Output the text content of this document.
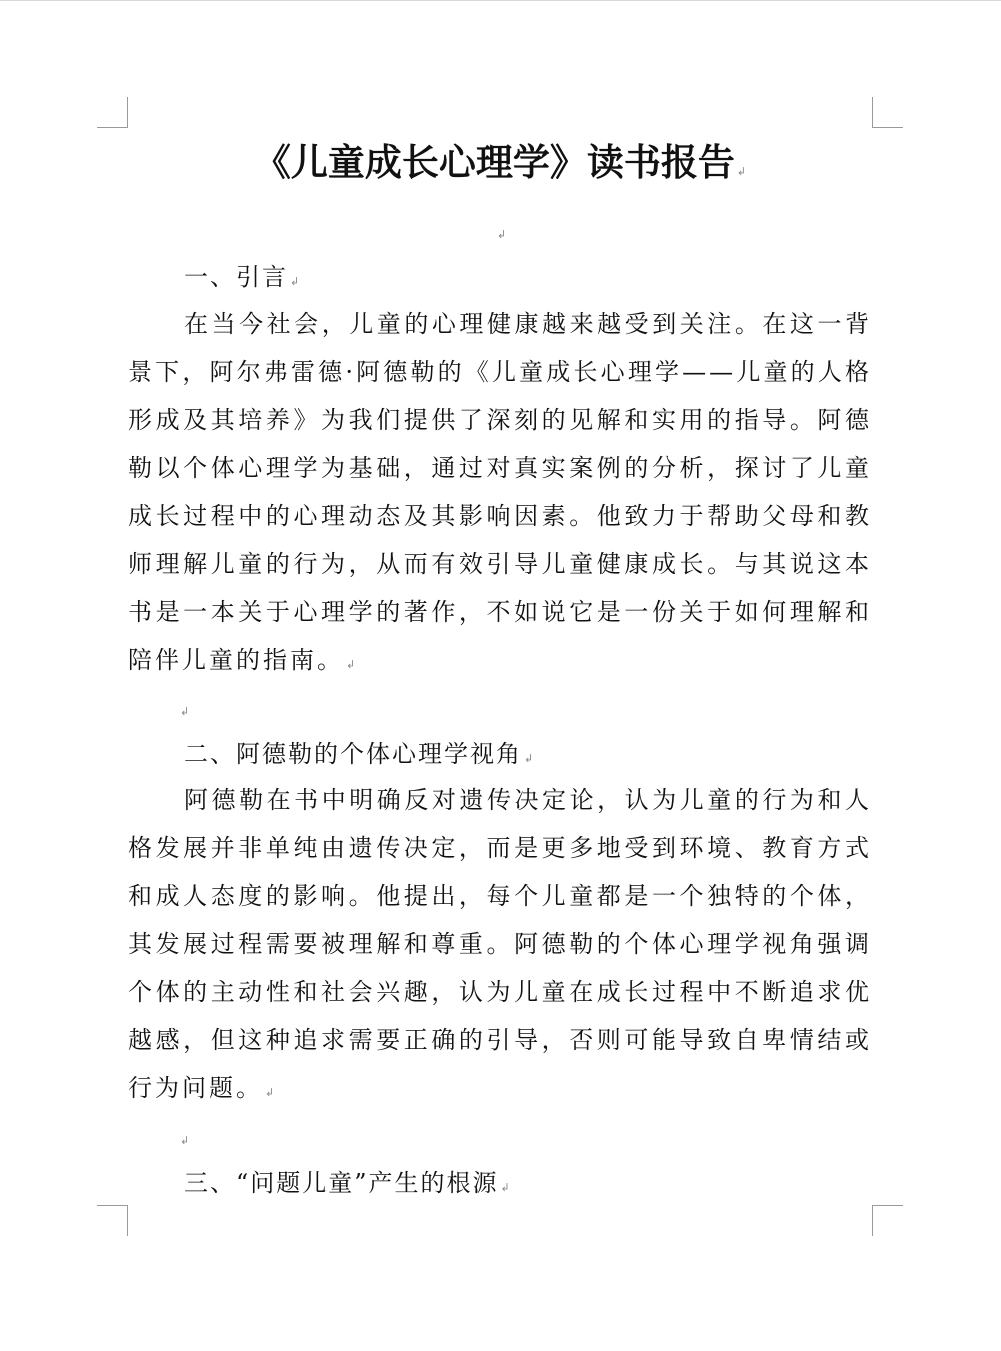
《儿童成长心理学》读书报告 ↲
↲
一、引言 ↲
在当今社会，儿童的心理健康越来越受到关注。在这一背景下，阿尔弗雷德·阿德勒的《儿童成长心理学——儿童的人格形成及其培养》为我们提供了深刻的见解和实用的指导。阿德勒以个体心理学为基础，通过对真实案例的分析，探讨了儿童成长过程中的心理动态及其影响因素。他致力于帮助父母和教师理解儿童的行为，从而有效引导儿童健康成长。与其说这本书是一本关于心理学的著作，不如说它是一份关于如何理解和陪伴儿童的指南。 ↲
↲
二、阿德勒的个体心理学视角 ↲
阿德勒在书中明确反对遗传决定论，认为儿童的行为和人格发展并非单纯由遗传决定，而是更多地受到环境、教育方式和成人态度的影响。他提出，每个儿童都是一个独特的个体，其发展过程需要被理解和尊重。阿德勒的个体心理学视角强调个体的主动性和社会兴趣，认为儿童在成长过程中不断追求优越感，但这种追求需要正确的引导，否则可能导致自卑情结或行为问题。 ↲
↲
三、“问题儿童”产生的根源 ↲
